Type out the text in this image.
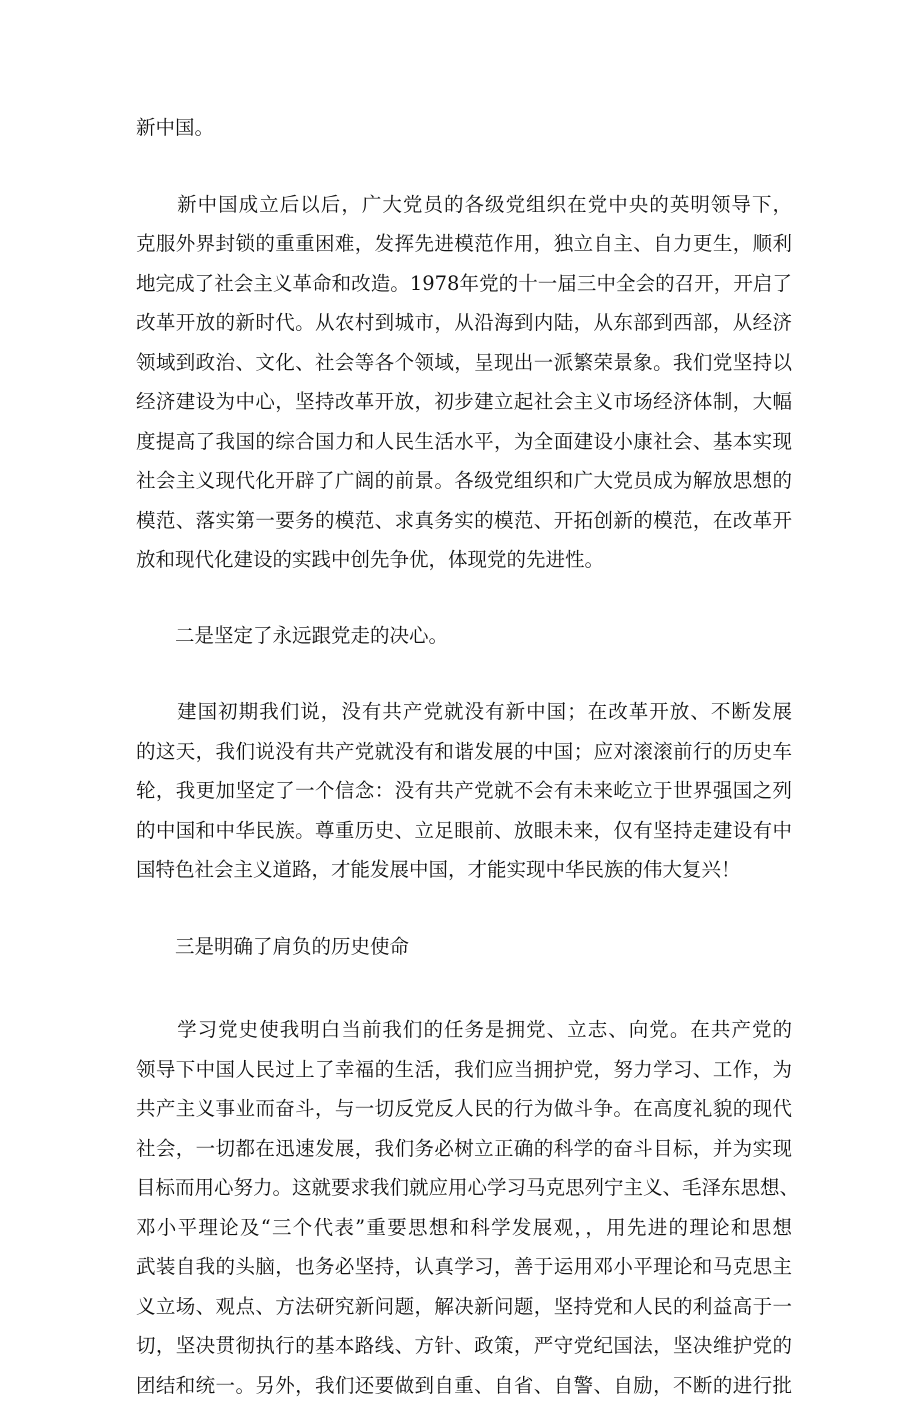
新中国。
　　新中国成立后以后，广大党员的各级党组织在党中央的英明领导下，
克服外界封锁的重重困难，发挥先进模范作用，独立自主、自力更生，顺利
地完成了社会主义革命和改造。1978年党的十一届三中全会的召开，开启了
改革开放的新时代。从农村到城市，从沿海到内陆，从东部到西部，从经济
领域到政治、文化、社会等各个领域，呈现出一派繁荣景象。我们党坚持以
经济建设为中心，坚持改革开放，初步建立起社会主义市场经济体制，大幅
度提高了我国的综合国力和人民生活水平，为全面建设小康社会、基本实现
社会主义现代化开辟了广阔的前景。各级党组织和广大党员成为解放思想的
模范、落实第一要务的模范、求真务实的模范、开拓创新的模范，在改革开
放和现代化建设的实践中创先争优，体现党的先进性。
　　二是坚定了永远跟党走的决心。
　　建国初期我们说，没有共产党就没有新中国；在改革开放、不断发展
的这天，我们说没有共产党就没有和谐发展的中国；应对滚滚前行的历史车
轮，我更加坚定了一个信念：没有共产党就不会有未来屹立于世界强国之列
的中国和中华民族。尊重历史、立足眼前、放眼未来，仅有坚持走建设有中
国特色社会主义道路，才能发展中国，才能实现中华民族的伟大复兴！
　　三是明确了肩负的历史使命
　　学习党史使我明白当前我们的任务是拥党、立志、向党。在共产党的
领导下中国人民过上了幸福的生活，我们应当拥护党，努力学习、工作，为
共产主义事业而奋斗，与一切反党反人民的行为做斗争。在高度礼貌的现代
社会，一切都在迅速发展，我们务必树立正确的科学的奋斗目标，并为实现
目标而用心努力。这就要求我们就应用心学习马克思列宁主义、毛泽东思想、
邓小平理论及“三个代表”重要思想和科学发展观，，用先进的理论和思想
武装自我的头脑，也务必坚持，认真学习，善于运用邓小平理论和马克思主
义立场、观点、方法研究新问题，解决新问题，坚持党和人民的利益高于一
切，坚决贯彻执行的基本路线、方针、政策，严守党纪国法，坚决维护党的
团结和统一。另外，我们还要做到自重、自省、自警、自励，不断的进行批
